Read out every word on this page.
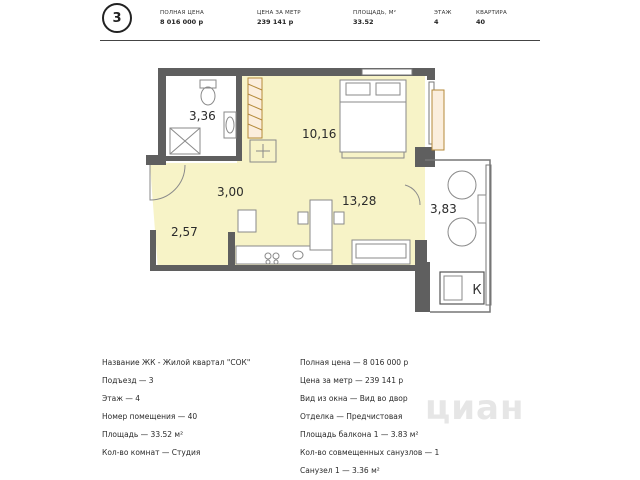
3	ПОЛНАЯ ЦЕНА
8 016 000 р
ЦЕНА ЗА МЕТР
239 141 р
ПЛОЩАДЬ, М²
33.52
ЭТАЖ
4
КВАРТИРА
40
К
3,36
10,16
3,00
13,28
3,83
2,57
Название ЖК - Жилой квартал "СОК"
Подъезд — 3
Этаж — 4
Номер помещения — 40
Площадь — 33.52 м²
Кол-во комнат — Студия
Полная цена — 8 016 000 р
Цена за метр — 239 141 р
Вид из окна — Вид во двор
Отделка — Предчистовая
Площадь балкона 1 — 3.83 м²
Кол-во совмещенных санузлов — 1
Санузел 1 — 3.36 м²
циан
